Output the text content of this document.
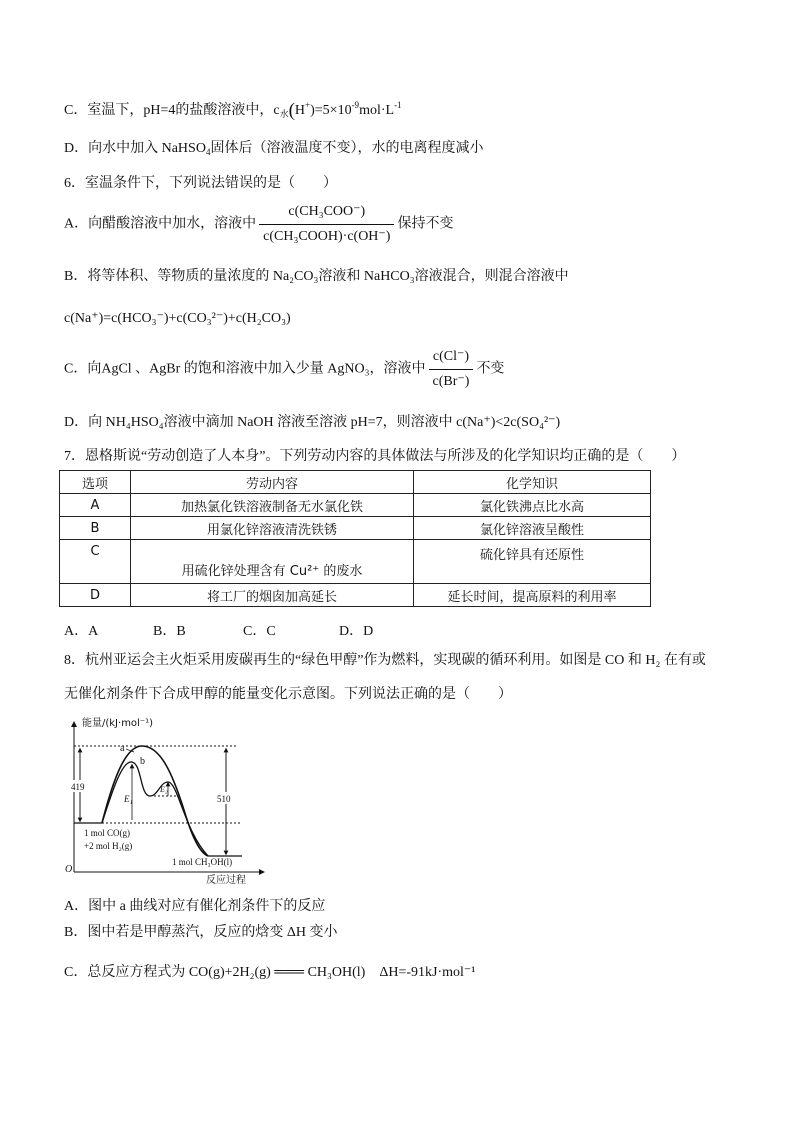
C．室温下，pH=4的盐酸溶液中，$c_水(H^+)=5\times 10^{-9}mol\cdot L^{-1}$
D．向水中加入 NaHSO$_4$固体后（溶液温度不变），水的电离程度减小
6．室温条件下，下列说法错误的是（　　）
A．向醋酸溶液中加水，溶液中 $\frac{\text{c(CH₃COO⁻)}}{\text{c(CH₃COOH)·c(OH⁻)}}$ 保持不变
B．将等体积、等物质的量浓度的 Na₂CO₃溶液和 NaHCO₃溶液混合，则混合溶液中
c(Na⁺)=c(HCO₃⁻)+c(CO₃²⁻)+c(H₂CO₃)
C．向AgCl 、AgBr 的饱和溶液中加入少量 AgNO₃，溶液中 $\frac{c(Cl^-)}{c(Br^-)}$ 不变
D．向 NH₄HSO₄溶液中滴加 NaOH 溶液至溶液 pH=7，则溶液中 c(Na⁺)<2c(SO₄²⁻)
7．恩格斯说“劳动创造了人本身”。下列劳动内容的具体做法与所涉及的化学知识均正确的是（　　）
选项	劳动内容	化学知识
A	加热氯化铁溶液制备无水氯化铁	氯化铁沸点比水高
B	用氯化锌溶液清洗铁锈	氯化锌溶液呈酸性
C	用硫化锌处理含有 Cu²⁺ 的废水	硫化锌具有还原性
D	将工厂的烟囱加高延长	延长时间，提高原料的利用率
A．A	B．B	C．C	D．D
8．杭州亚运会主火炬采用废碳再生的“绿色甲醇”作为燃料，实现碳的循环利用。如图是 CO 和 H₂ 在有或
无催化剂条件下合成甲醇的能量变化示意图。下列说法正确的是（　　）
能量/(kJ·mol⁻¹)
反应过程
O
a
b
419
510
E₁
E₂
1 mol CO(g)
+2 mol H₂(g)
1 mol CH₃OH(l)
A．图中 a 曲线对应有催化剂条件下的反应
B．图中若是甲醇蒸汽，反应的焓变 ΔH 变小
C．总反应方程式为 CO(g)+2H₂(g) ═══ CH₃OH(l)　ΔH=-91kJ·mol⁻¹
